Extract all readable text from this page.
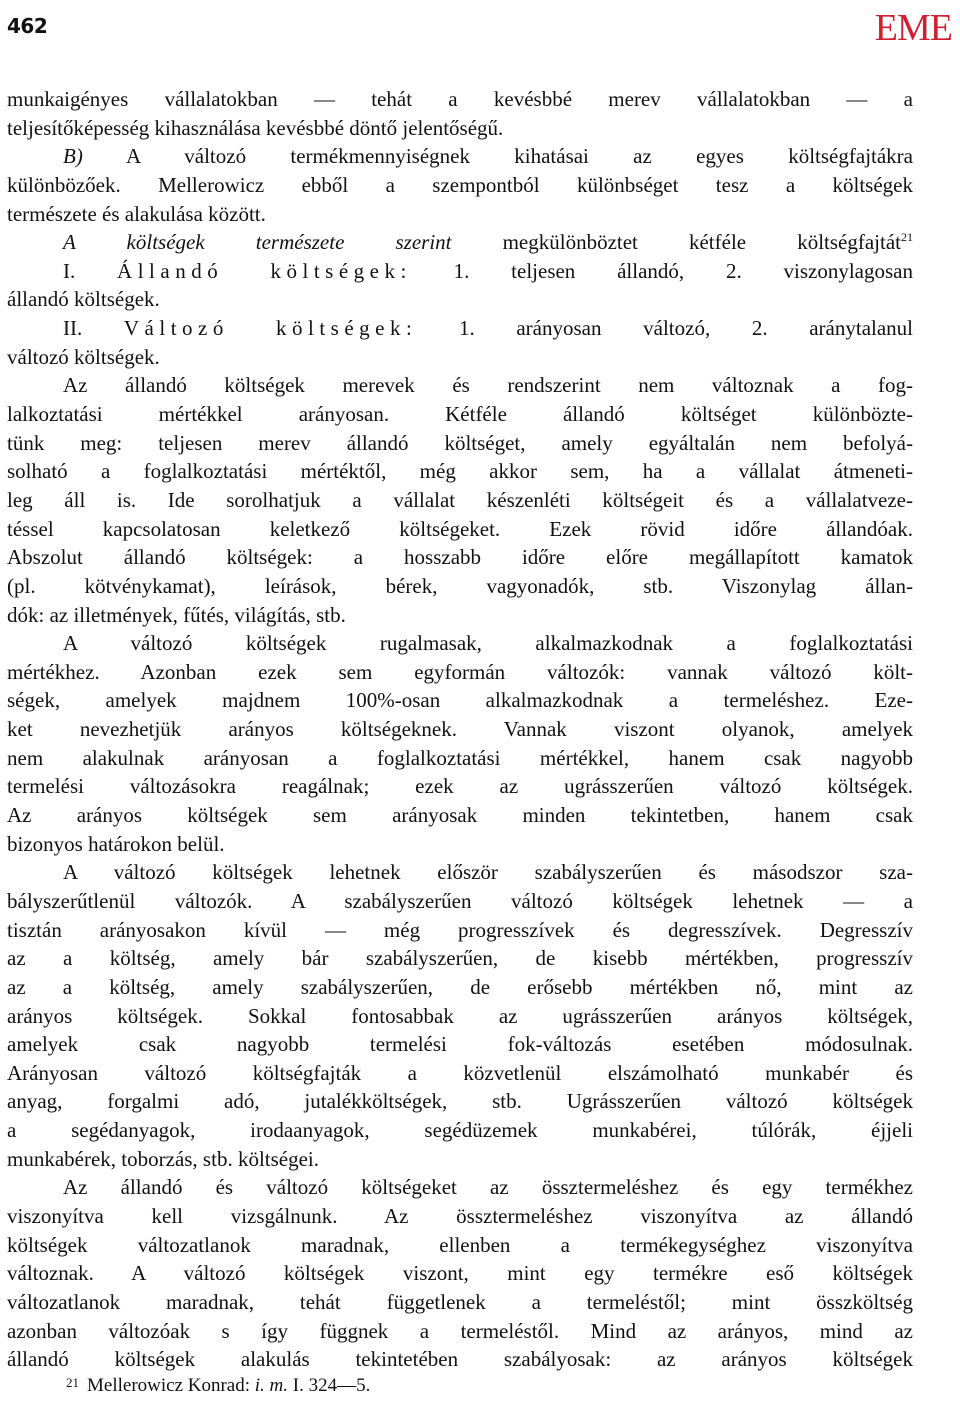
462	EME
munkaigényes vállalatokban — tehát a kevésbbé merev vállalatokban — a
teljesítőképesség kihasználása kevésbbé döntő jelentőségű.
B) A változó termékmennyiségnek kihatásai az egyes költségfajtákra
különbözőek. Mellerowicz ebből a szempontból különbséget tesz a költségek
természete és alakulása között.
A költségek természete szerint megkülönböztet kétféle költségfajtát$^{21}$
I. Állandó költségek: 1. teljesen állandó, 2. viszonylagosan
állandó költségek.
II. Változó költségek: 1. arányosan változó, 2. aránytalanul
változó költségek.
Az állandó költségek merevek és rendszerint nem változnak a fog-
lalkoztatási mértékkel arányosan. Kétféle állandó költséget különbözte-
tünk meg: teljesen merev állandó költséget, amely egyáltalán nem befolyá-
solható a foglalkoztatási mértéktől, még akkor sem, ha a vállalat átmeneti-
leg áll is. Ide sorolhatjuk a vállalat készenléti költségeit és a vállalatveze-
téssel kapcsolatosan keletkező költségeket. Ezek rövid időre állandóak.
Abszolut állandó költségek: a hosszabb időre előre megállapított kamatok
(pl. kötvénykamat), leírások, bérek, vagyonadók, stb. Viszonylag állan-
dók: az illetmények, fűtés, világítás, stb.
A változó költségek rugalmasak, alkalmazkodnak a foglalkoztatási
mértékhez. Azonban ezek sem egyformán változók: vannak változó költ-
ségek, amelyek majdnem 100%-osan alkalmazkodnak a termeléshez. Eze-
ket nevezhetjük arányos költségeknek. Vannak viszont olyanok, amelyek
nem alakulnak arányosan a foglalkoztatási mértékkel, hanem csak nagyobb
termelési változásokra reagálnak; ezek az ugrásszerűen változó költségek.
Az arányos költségek sem arányosak minden tekintetben, hanem csak
bizonyos határokon belül.
A változó költségek lehetnek először szabályszerűen és másodszor sza-
bályszerűtlenül változók. A szabályszerűen változó költségek lehetnek — a
tisztán arányosakon kívül — még progresszívek és degresszívek. Degresszív
az a költség, amely bár szabályszerűen, de kisebb mértékben, progresszív
az a költség, amely szabályszerűen, de erősebb mértékben nő, mint az
arányos költségek. Sokkal fontosabbak az ugrásszerűen arányos költségek,
amelyek csak nagyobb termelési fok-változás esetében módosulnak.
Arányosan változó költségfajták a közvetlenül elszámolható munkabér és
anyag, forgalmi adó, jutalékköltségek, stb. Ugrásszerűen változó költségek
a segédanyagok, irodaanyagok, segédüzemek munkabérei, túlórák, éjjeli
munkabérek, toborzás, stb. költségei.
Az állandó és változó költségeket az össztermeléshez és egy termékhez
viszonyítva kell vizsgálnunk. Az össztermeléshez viszonyítva az állandó
költségek változatlanok maradnak, ellenben a termékegységhez viszonyítva
változnak. A változó költségek viszont, mint egy termékre eső költségek
változatlanok maradnak, tehát függetlenek a termeléstől; mint összköltség
azonban változóak s így függnek a termeléstől. Mind az arányos, mind az
állandó költségek alakulás tekintetében szabályosak: az arányos költségek
$^{21}$ Mellerowicz Konrad: i. m. I. 324—5.
